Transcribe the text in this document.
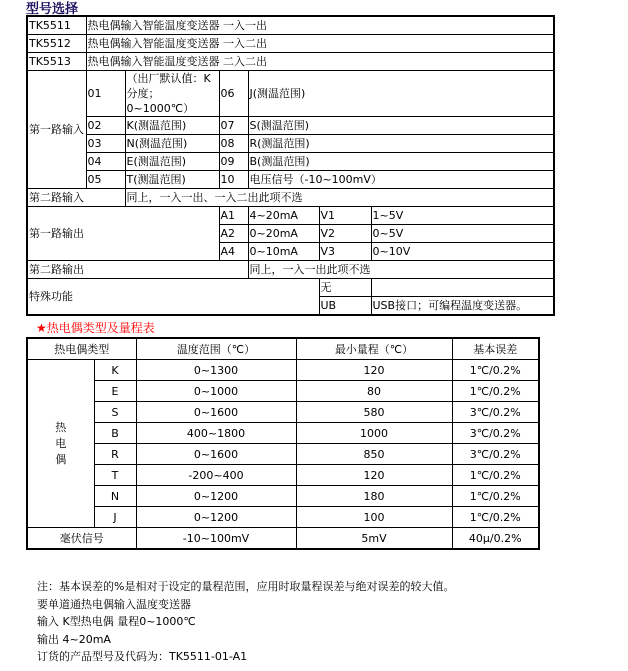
型号选择
TK5511	热电偶输入智能温度变送器 一入一出					
TK5512	热电偶输入智能温度变送器 一入二出					
TK5513	热电偶输入智能温度变送器 二入二出					
第一路输入	01	（出厂默认值：K分度；0~1000℃）	06	J(测温范围)		
	02	K(测温范围)	07	S(测温范围)		
	03	N(测温范围)	08	R(测温范围)		
	04	E(测温范围)	09	B(测温范围)		
	05	T(测温范围)	10	电压信号（-10~100mV）		
第二路输入		同上，一入一出、一入二出此项不选				
第一路输出			A1	4~20mA	V1	1~5V
			A2	0~20mA	V2	0~5V
			A4	0~10mA	V3	0~10V
第二路输出				同上，一入一出此项不选		
特殊功能					无	
					UB	USB接口；可编程温度变送器。
★热电偶类型及量程表
热电偶类型		温度范围（℃）	最小量程（℃）	基本误差
热电偶	K	0~1300	120	1℃/0.2%
	E	0~1000	80	1℃/0.2%
	S	0~1600	580	3℃/0.2%
	B	400~1800	1000	3℃/0.2%
	R	0~1600	850	3℃/0.2%
	T	-200~400	120	1℃/0.2%
	N	0~1200	180	1℃/0.2%
	J	0~1200	100	1℃/0.2%
毫伏信号		-10~100mV	5mV	40μ/0.2%
注：基本误差的%是相对于设定的量程范围，应用时取量程误差与绝对误差的较大值。
要单道通热电偶输入温度变送器
输入 K型热电偶 量程0~1000℃
输出 4~20mA
订货的产品型号及代码为：TK5511-01-A1
